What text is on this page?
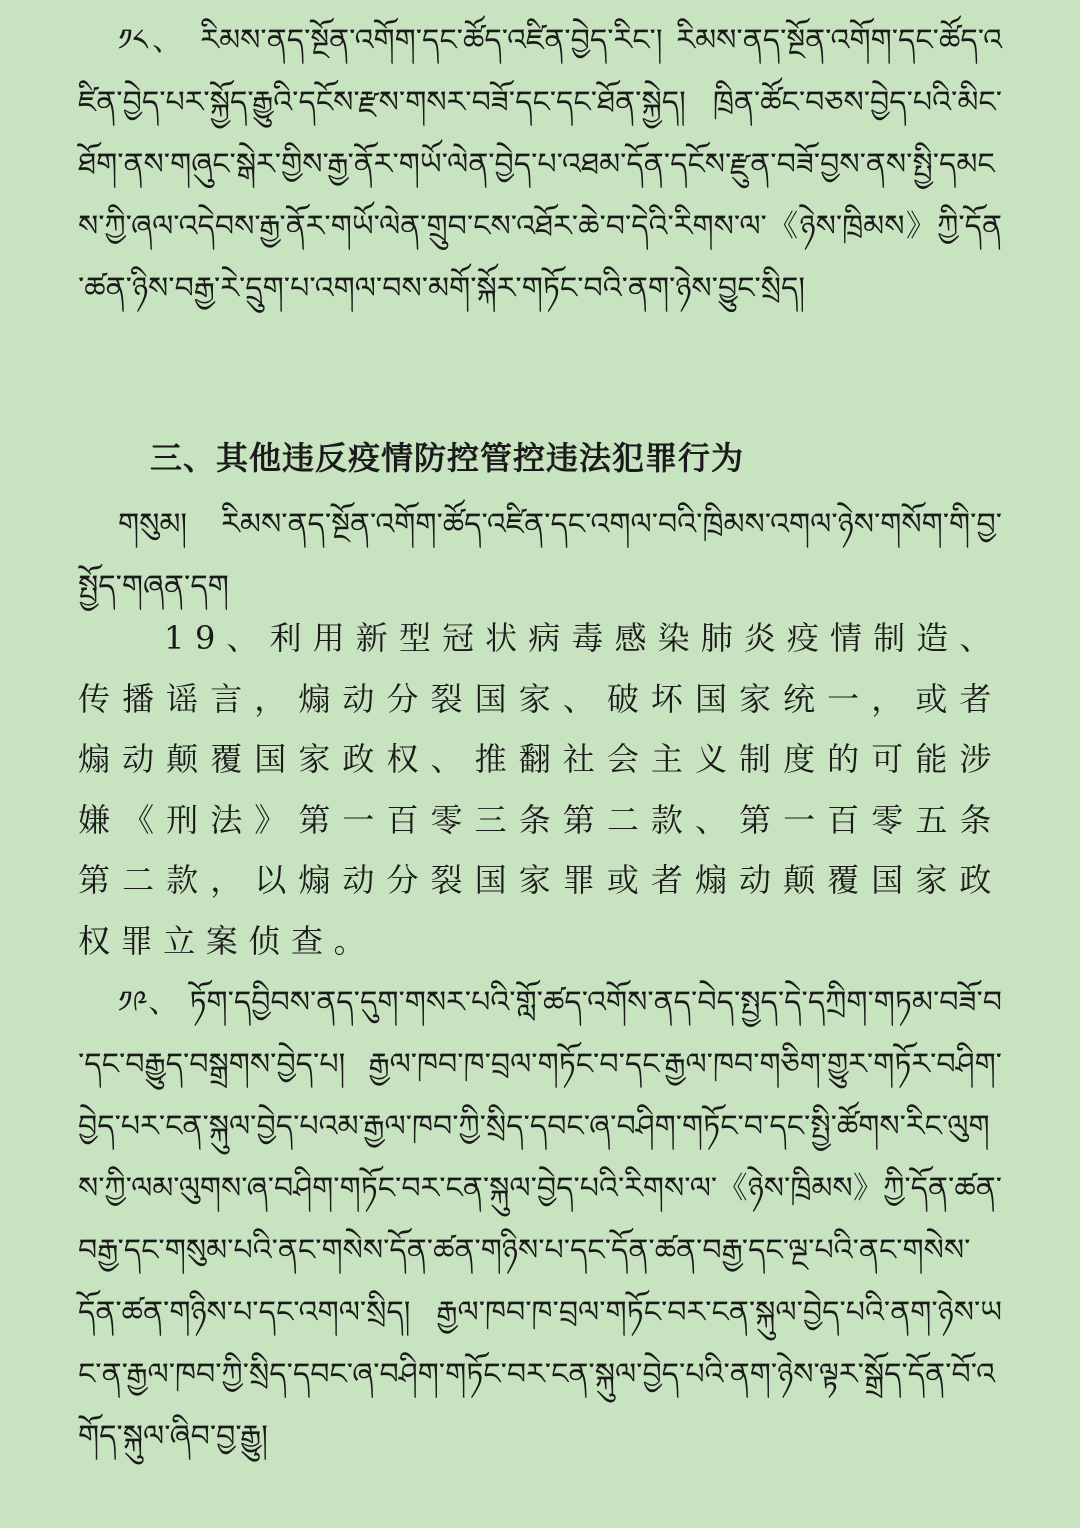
༡༨、 རིམས་ནད་སྔོན་འགོག་དང་ཚོད་འཛིན་བྱེད་རིང་། རིམས་ནད་སྔོན་འགོག་དང་ཚོད་འཛིན་བྱེད་པར་སྐྱོད་རྒྱུའི་དངོས་རྫས་གསར་བཟོ་དང་དང་ཐོན་སྐྱེད། ཁྲིན་ཚོང་བཅས་བྱེད་པའི་མིང་ཐོག་ནས་གཞུང་སྒེར་གྱིས་རྒྱ་ནོར་གཡོ་ལེན་བྱེད་པ་འཐམ་དོན་དངོས་རྫུན་བཟོ་བྱས་ནས་སྤྱི་དམངས་ཀྱི་ཞལ་འདེབས་རྒྱ་ནོར་གཡོ་ལེན་གྲུབ་ངས་འཐོར་ཆེ་བ་དེའི་རིགས་ལ་《ཉེས་ཁྲིམས》ཀྱི་དོན་ཚན་ཉིས་བརྒྱ་རེ་དྲུག་པ་འགལ་བས་མགོ་སྐོར་གཏོང་བའི་ནག་ཉེས་བྱུང་སྲིད།

三、其他违反疫情防控管控违法犯罪行为

གསུམ། རིམས་ནད་སྔོན་འགོག་ཚོད་འཛིན་དང་འགལ་བའི་ཁྲིམས་འགལ་ཉེས་གསོག་གི་བྱ་སྤྱོད་གཞན་དག

19、利用新型冠状病毒感染肺炎疫情制造、传播谣言，煽动分裂国家、破坏国家统一，或者煽动颠覆国家政权、推翻社会主义制度的可能涉嫌《刑法》第一百零三条第二款、第一百零五条第二款，以煽动分裂国家罪或者煽动颠覆国家政权罪立案侦查。

༡༩、 ཏོག་དབྱིབས་ནད་དུག་གསར་པའི་གློ་ཚད་འགོས་ནད་བེད་སྤྱད་དེ་དཀྲིག་གཏམ་བཟོ་བ་དང་བརྒྱུད་བསྒྲགས་བྱེད་པ། རྒྱལ་ཁབ་ཁ་བྲལ་གཏོང་བ་དང་རྒྱལ་ཁབ་གཅིག་གྱུར་གཏོར་བཤིག་བྱེད་པར་ངན་སྐུལ་བྱེད་པའམ་རྒྱལ་ཁབ་ཀྱི་སྲིད་དབང་ཞ་བཤིག་གཏོང་བ་དང་སྤྱི་ཚོགས་རིང་ལུགས་ཀྱི་ལམ་ལུགས་ཞ་བཤིག་གཏོང་བར་ངན་སྐུལ་བྱེད་པའི་རིགས་ལ་《ཉེས་ཁྲིམས》ཀྱི་དོན་ཚན་བརྒྱ་དང་གསུམ་པའི་ནང་གསེས་དོན་ཚན་གཉིས་པ་དང་དོན་ཚན་བརྒྱ་དང་ལྔ་པའི་ནང་གསེས་དོན་ཚན་གཉིས་པ་དང་འགལ་སྲིད། རྒྱལ་ཁབ་ཁ་བྲལ་གཏོང་བར་ངན་སྐུལ་བྱེད་པའི་ནག་ཉེས་ཡང་ན་རྒྱལ་ཁབ་ཀྱི་སྲིད་དབང་ཞ་བཤིག་གཏོང་བར་ངན་སྐུལ་བྱེད་པའི་ནག་ཉེས་ལྟར་སྒྲོད་དོན་བོ་འགོད་སྐུལ་ཞིབ་བྱ་རྒྱུ།
